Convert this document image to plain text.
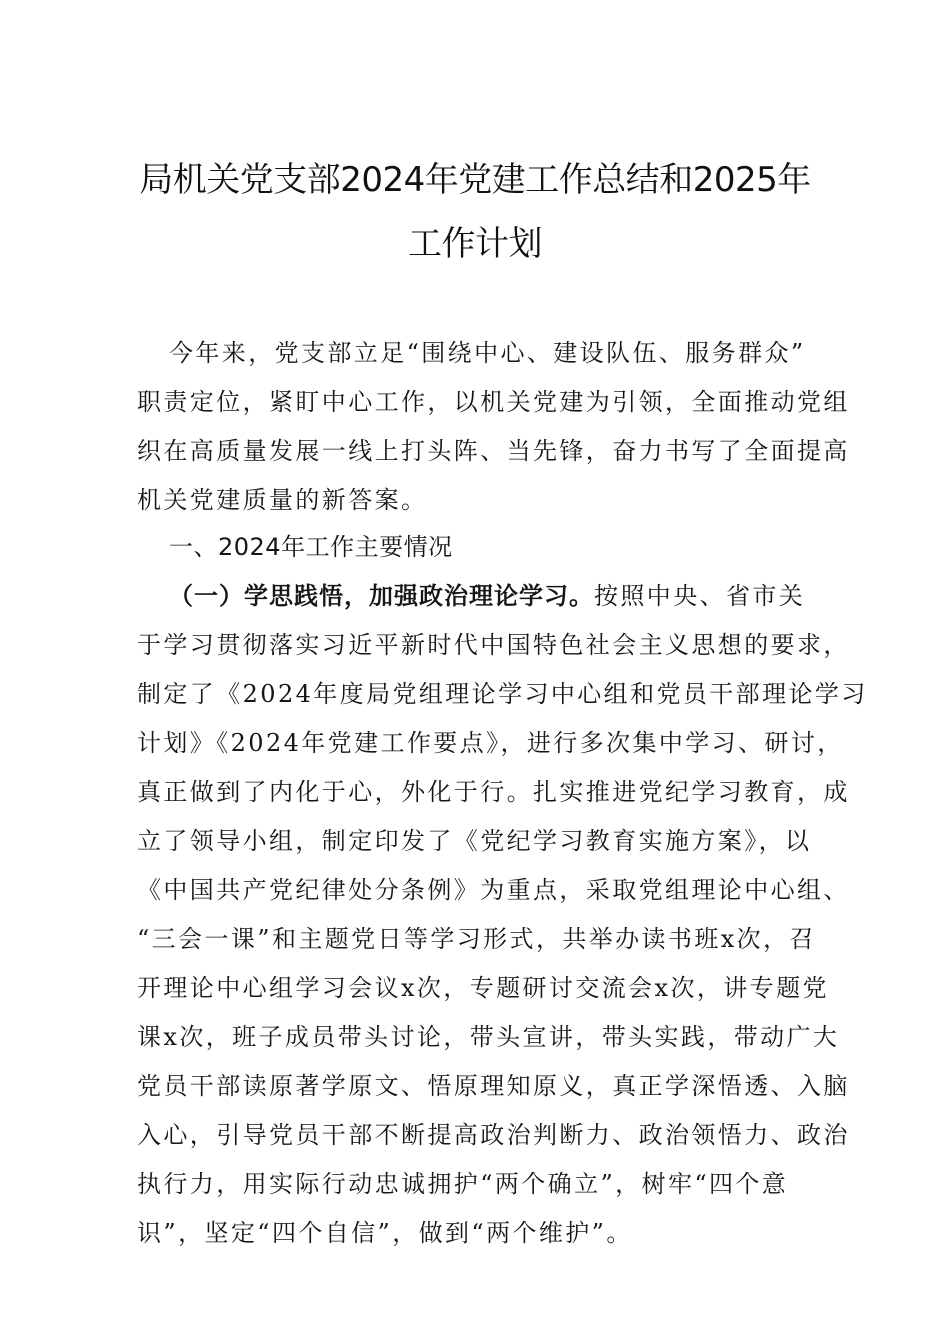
局机关党支部2024年党建工作总结和2025年
工作计划
今年来，党支部立足“围绕中心、建设队伍、服务群众”
职责定位，紧盯中心工作，以机关党建为引领，全面推动党组
织在高质量发展一线上打头阵、当先锋，奋力书写了全面提高
机关党建质量的新答案。
一、2024年工作主要情况
（一）学思践悟，加强政治理论学习。按照中央、省市关
于学习贯彻落实习近平新时代中国特色社会主义思想的要求，
制定了《2024年度局党组理论学习中心组和党员干部理论学习
计划》《2024年党建工作要点》，进行多次集中学习、研讨，
真正做到了内化于心，外化于行。扎实推进党纪学习教育，成
立了领导小组，制定印发了《党纪学习教育实施方案》，以
《中国共产党纪律处分条例》为重点，采取党组理论中心组、
“三会一课”和主题党日等学习形式，共举办读书班x次，召
开理论中心组学习会议x次，专题研讨交流会x次，讲专题党
课x次，班子成员带头讨论，带头宣讲，带头实践，带动广大
党员干部读原著学原文、悟原理知原义，真正学深悟透、入脑
入心，引导党员干部不断提高政治判断力、政治领悟力、政治
执行力，用实际行动忠诚拥护“两个确立”，树牢“四个意
识”，坚定“四个自信”，做到“两个维护”。
